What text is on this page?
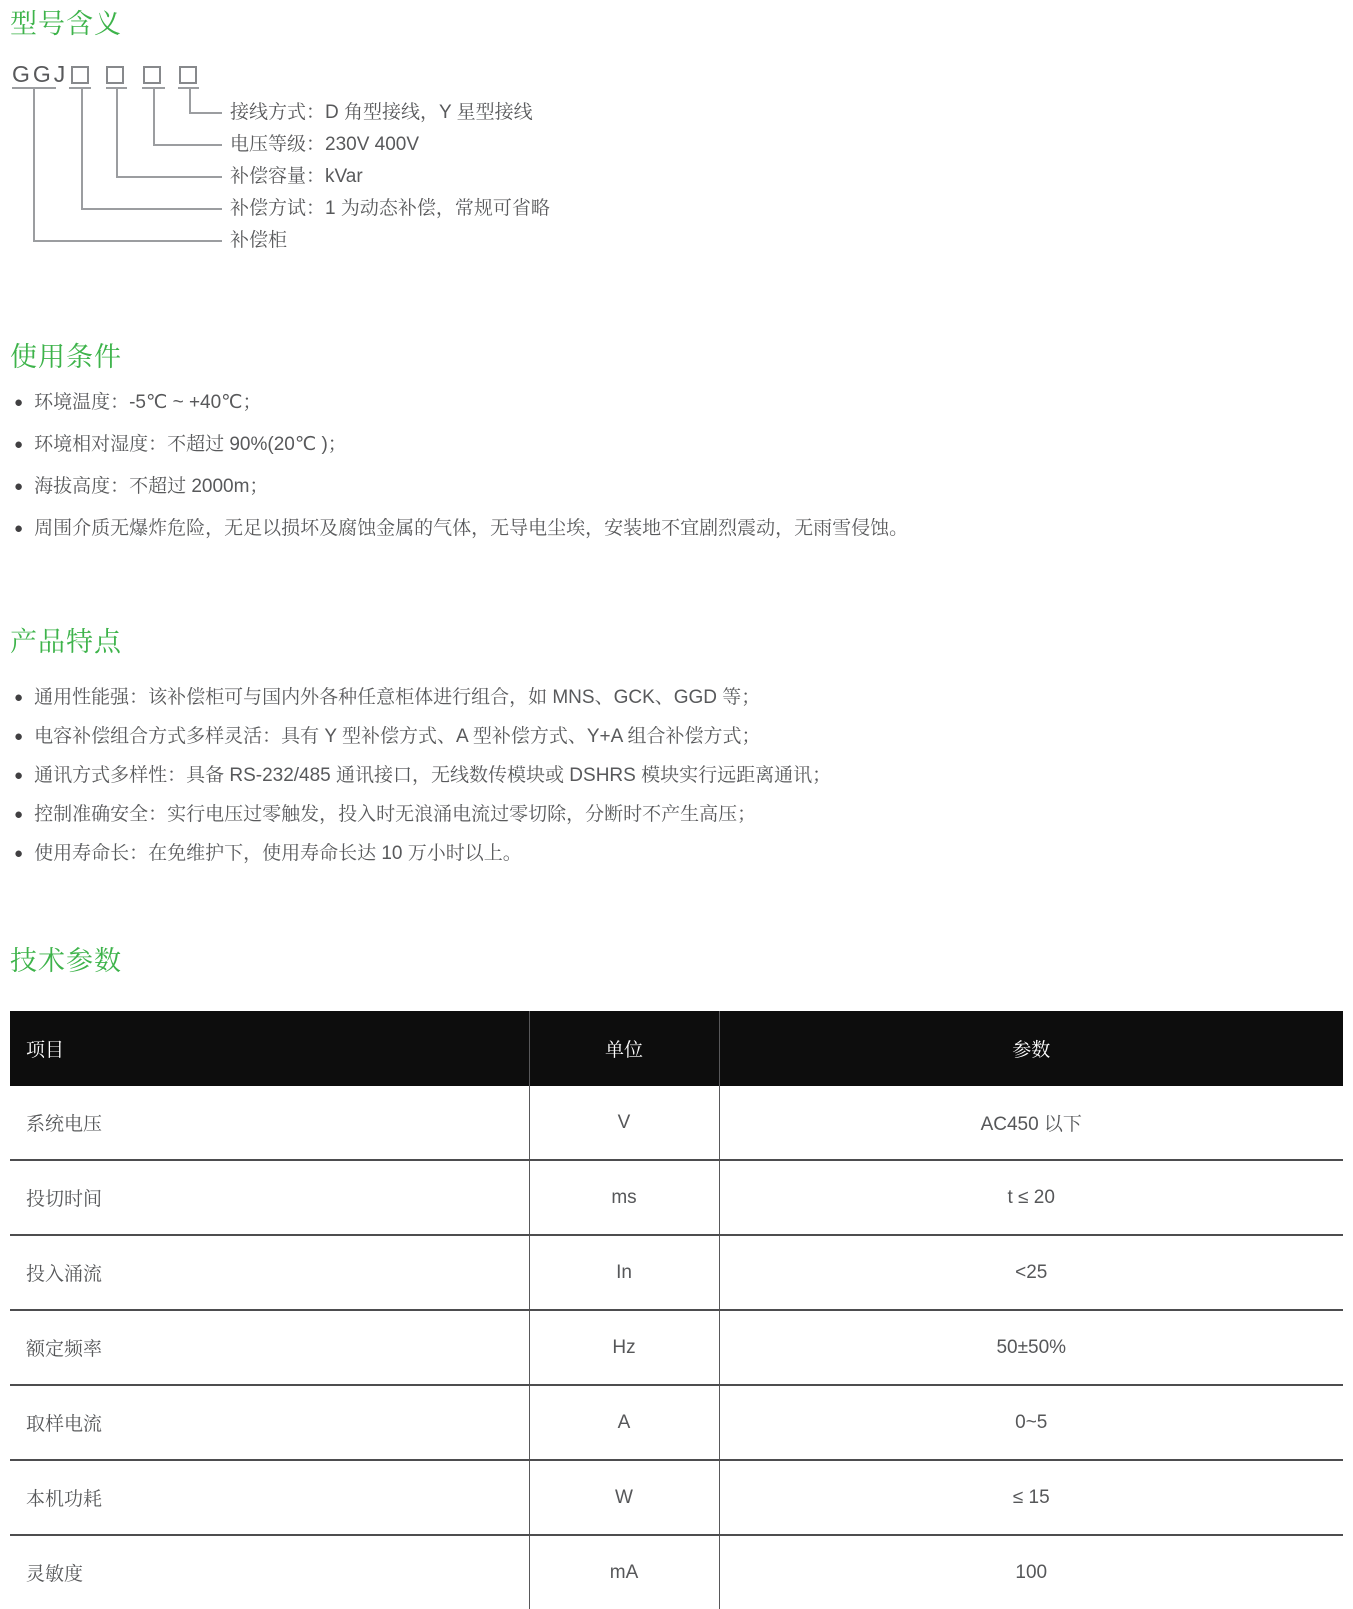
型号含义
GGJ
接线方式：D 角型接线，Y 星型接线
电压等级：230V 400V
补偿容量：kVar
补偿方试：1 为动态补偿，常规可省略
补偿柜
使用条件
● 环境温度：-5℃ ~ +40℃；
● 环境相对湿度：不超过 90%(20℃ )；
● 海拔高度：不超过 2000m；
● 周围介质无爆炸危险，无足以损坏及腐蚀金属的气体，无导电尘埃，安装地不宜剧烈震动，无雨雪侵蚀。
产品特点
● 通用性能强：该补偿柜可与国内外各种任意柜体进行组合，如 MNS、GCK、GGD 等；
● 电容补偿组合方式多样灵活：具有 Y 型补偿方式、A 型补偿方式、Y+A 组合补偿方式；
● 通讯方式多样性：具备 RS-232/485 通讯接口，无线数传模块或 DSHRS 模块实行远距离通讯；
● 控制准确安全：实行电压过零触发，投入时无浪涌电流过零切除，分断时不产生高压；
● 使用寿命长：在免维护下，使用寿命长达 10 万小时以上。
技术参数
项目	单位	参数
系统电压	V	AC450 以下
投切时间	ms	t ≤ 20
投入涌流	In	<25
额定频率	Hz	50±50%
取样电流	A	0~5
本机功耗	W	≤ 15
灵敏度	mA	100
